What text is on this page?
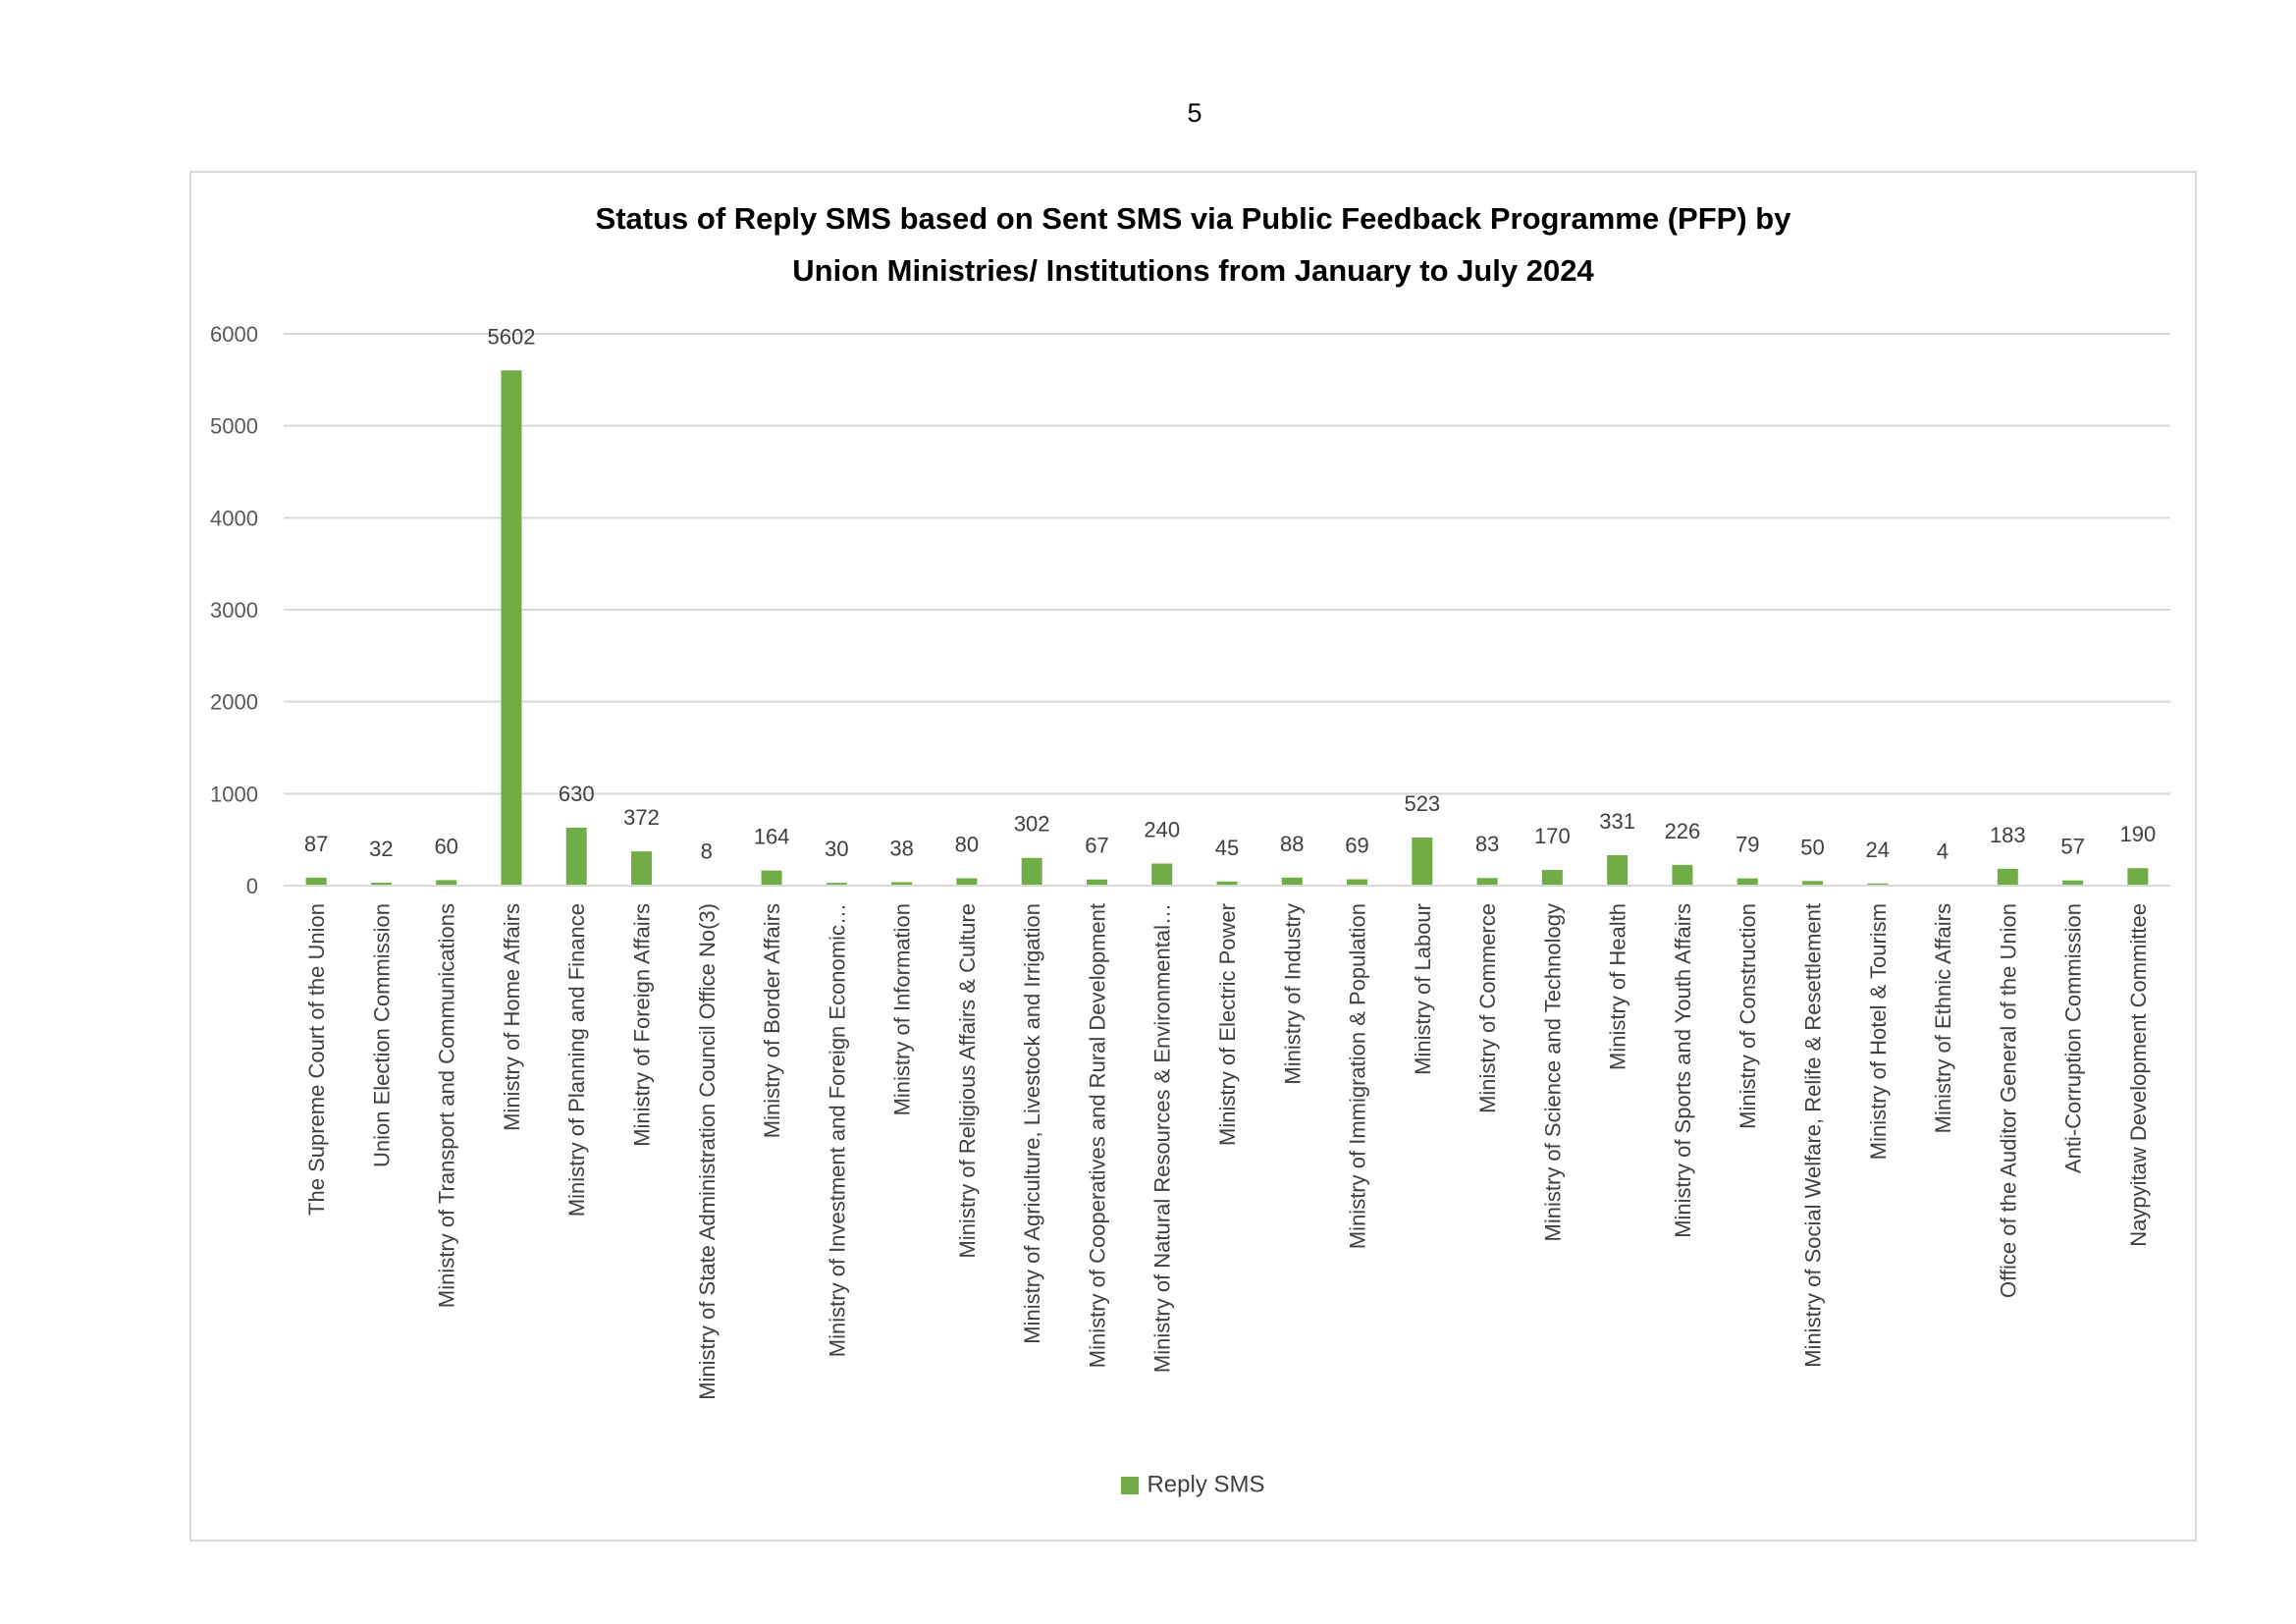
5
Status of Reply SMS based on Sent SMS via Public Feedback Programme (PFP) by
Union Ministries/ Institutions from January to July 2024
0
1000
2000
3000
4000
5000
6000
87
The Supreme Court of the Union
32
Union Election Commission
60
Ministry of Transport and Communications
5602
Ministry of Home Affairs
630
Ministry of Planning and Finance
372
Ministry of Foreign Affairs
8
Ministry of State Administration Council Office No(3)
164
Ministry of Border Affairs
30
Ministry of Investment and Foreign Economic…
38
Ministry of Information
80
Ministry of Religious Affairs & Culture
302
Ministry of Agriculture, Livestock and Irrigation
67
Ministry of Cooperatives and Rural Development
240
Ministry of Natural Resources & Environmental…
45
Ministry of Electric Power
88
Ministry of Industry
69
Ministry of Immigration & Population
523
Ministry of Labour
83
Ministry of Commerce
170
Ministry of Science and Technology
331
Ministry of Health
226
Ministry of Sports and Youth Affairs
79
Ministry of Construction
50
Ministry of Social Welfare, Relife & Resettlement
24
Ministry of Hotel & Tourism
4
Ministry of Ethnic Affairs
183
Office of the Auditor General of the Union
57
Anti-Corruption Commission
190
Naypyitaw Development Committee
Reply SMS
